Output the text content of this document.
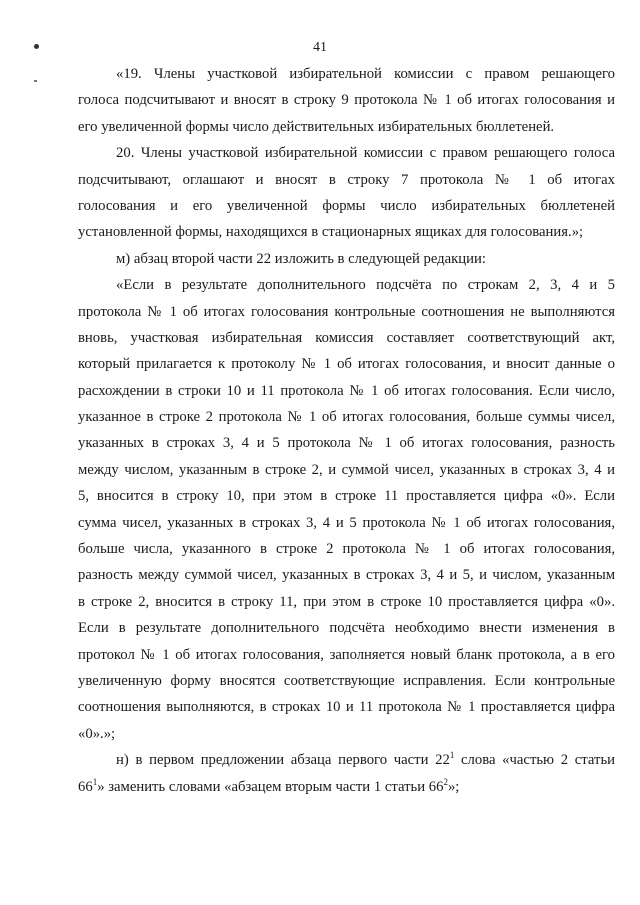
41

«19. Члены участковой избирательной комиссии с правом решающего
голоса подсчитывают и вносят в строку 9 протокола № 1 об итогах голосования и
его увеличенной формы число действительных избирательных бюллетеней.

20. Члены участковой избирательной комиссии с правом решающего голоса
подсчитывают, оглашают и вносят в строку 7 протокола № 1 об итогах
голосования и его увеличенной формы число избирательных бюллетеней
установленной формы, находящихся в стационарных ящиках для голосования.»;

м) абзац второй части 22 изложить в следующей редакции:

«Если в результате дополнительного подсчёта по строкам 2, 3, 4 и 5
протокола № 1 об итогах голосования контрольные соотношения не выполняются
вновь, участковая избирательная комиссия составляет соответствующий акт,
который прилагается к протоколу № 1 об итогах голосования, и вносит данные о
расхождении в строки 10 и 11 протокола № 1 об итогах голосования. Если число,
указанное в строке 2 протокола № 1 об итогах голосования, больше суммы чисел,
указанных в строках 3, 4 и 5 протокола № 1 об итогах голосования, разность
между числом, указанным в строке 2, и суммой чисел, указанных в строках 3, 4 и
5, вносится в строку 10, при этом в строке 11 проставляется цифра «0». Если
сумма чисел, указанных в строках 3, 4 и 5 протокола № 1 об итогах голосования,
больше числа, указанного в строке 2 протокола № 1 об итогах голосования,
разность между суммой чисел, указанных в строках 3, 4 и 5, и числом, указанным
в строке 2, вносится в строку 11, при этом в строке 10 проставляется цифра «0».
Если в результате дополнительного подсчёта необходимо внести изменения в
протокол № 1 об итогах голосования, заполняется новый бланк протокола, а в его
увеличенную форму вносятся соответствующие исправления. Если контрольные
соотношения выполняются, в строках 10 и 11 протокола № 1 проставляется цифра
«0».»;

н) в первом предложении абзаца первого части $22^1$ слова «частью 2 статьи
$66^1$» заменить словами «абзацем вторым части 1 статьи $66^2$»;
